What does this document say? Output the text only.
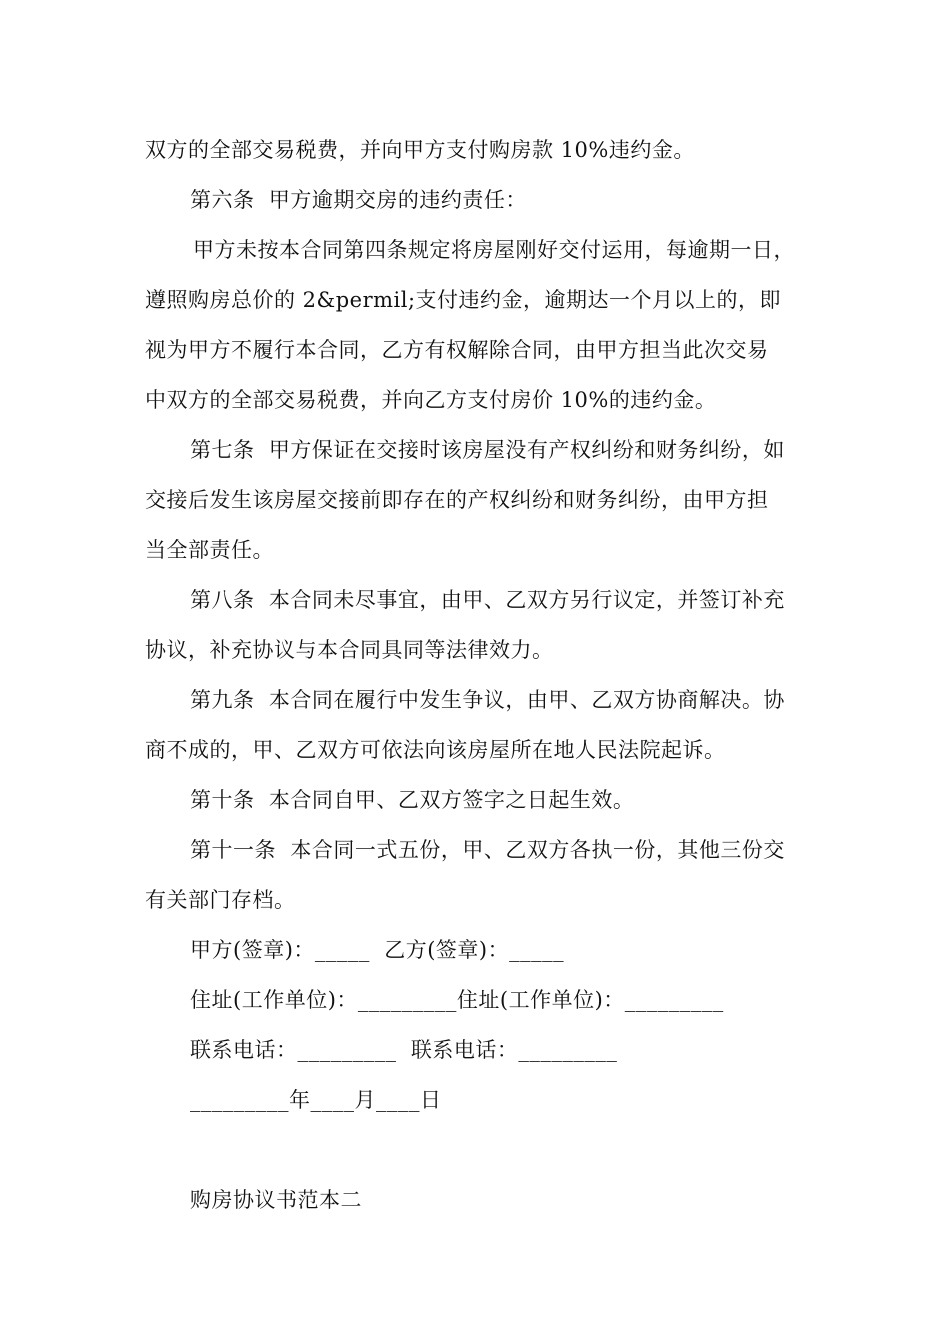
双方的全部交易税费，并向甲方支付购房款 10%违约金。
第六条  甲方逾期交房的违约责任：
甲方未按本合同第四条规定将房屋刚好交付运用，每逾期一日，
遵照购房总价的 2&permil;支付违约金，逾期达一个月以上的，即
视为甲方不履行本合同，乙方有权解除合同，由甲方担当此次交易
中双方的全部交易税费，并向乙方支付房价 10%的违约金。
第七条  甲方保证在交接时该房屋没有产权纠纷和财务纠纷，如
交接后发生该房屋交接前即存在的产权纠纷和财务纠纷，由甲方担
当全部责任。
第八条  本合同未尽事宜，由甲、乙双方另行议定，并签订补充
协议，补充协议与本合同具同等法律效力。
第九条  本合同在履行中发生争议，由甲、乙双方协商解决。协
商不成的，甲、乙双方可依法向该房屋所在地人民法院起诉。
第十条  本合同自甲、乙双方签字之日起生效。
第十一条  本合同一式五份，甲、乙双方各执一份，其他三份交
有关部门存档。
甲方(签章)：_____  乙方(签章)：_____
住址(工作单位)：_________住址(工作单位)：_________
联系电话：_________  联系电话：_________
_________年____月____日
购房协议书范本二
